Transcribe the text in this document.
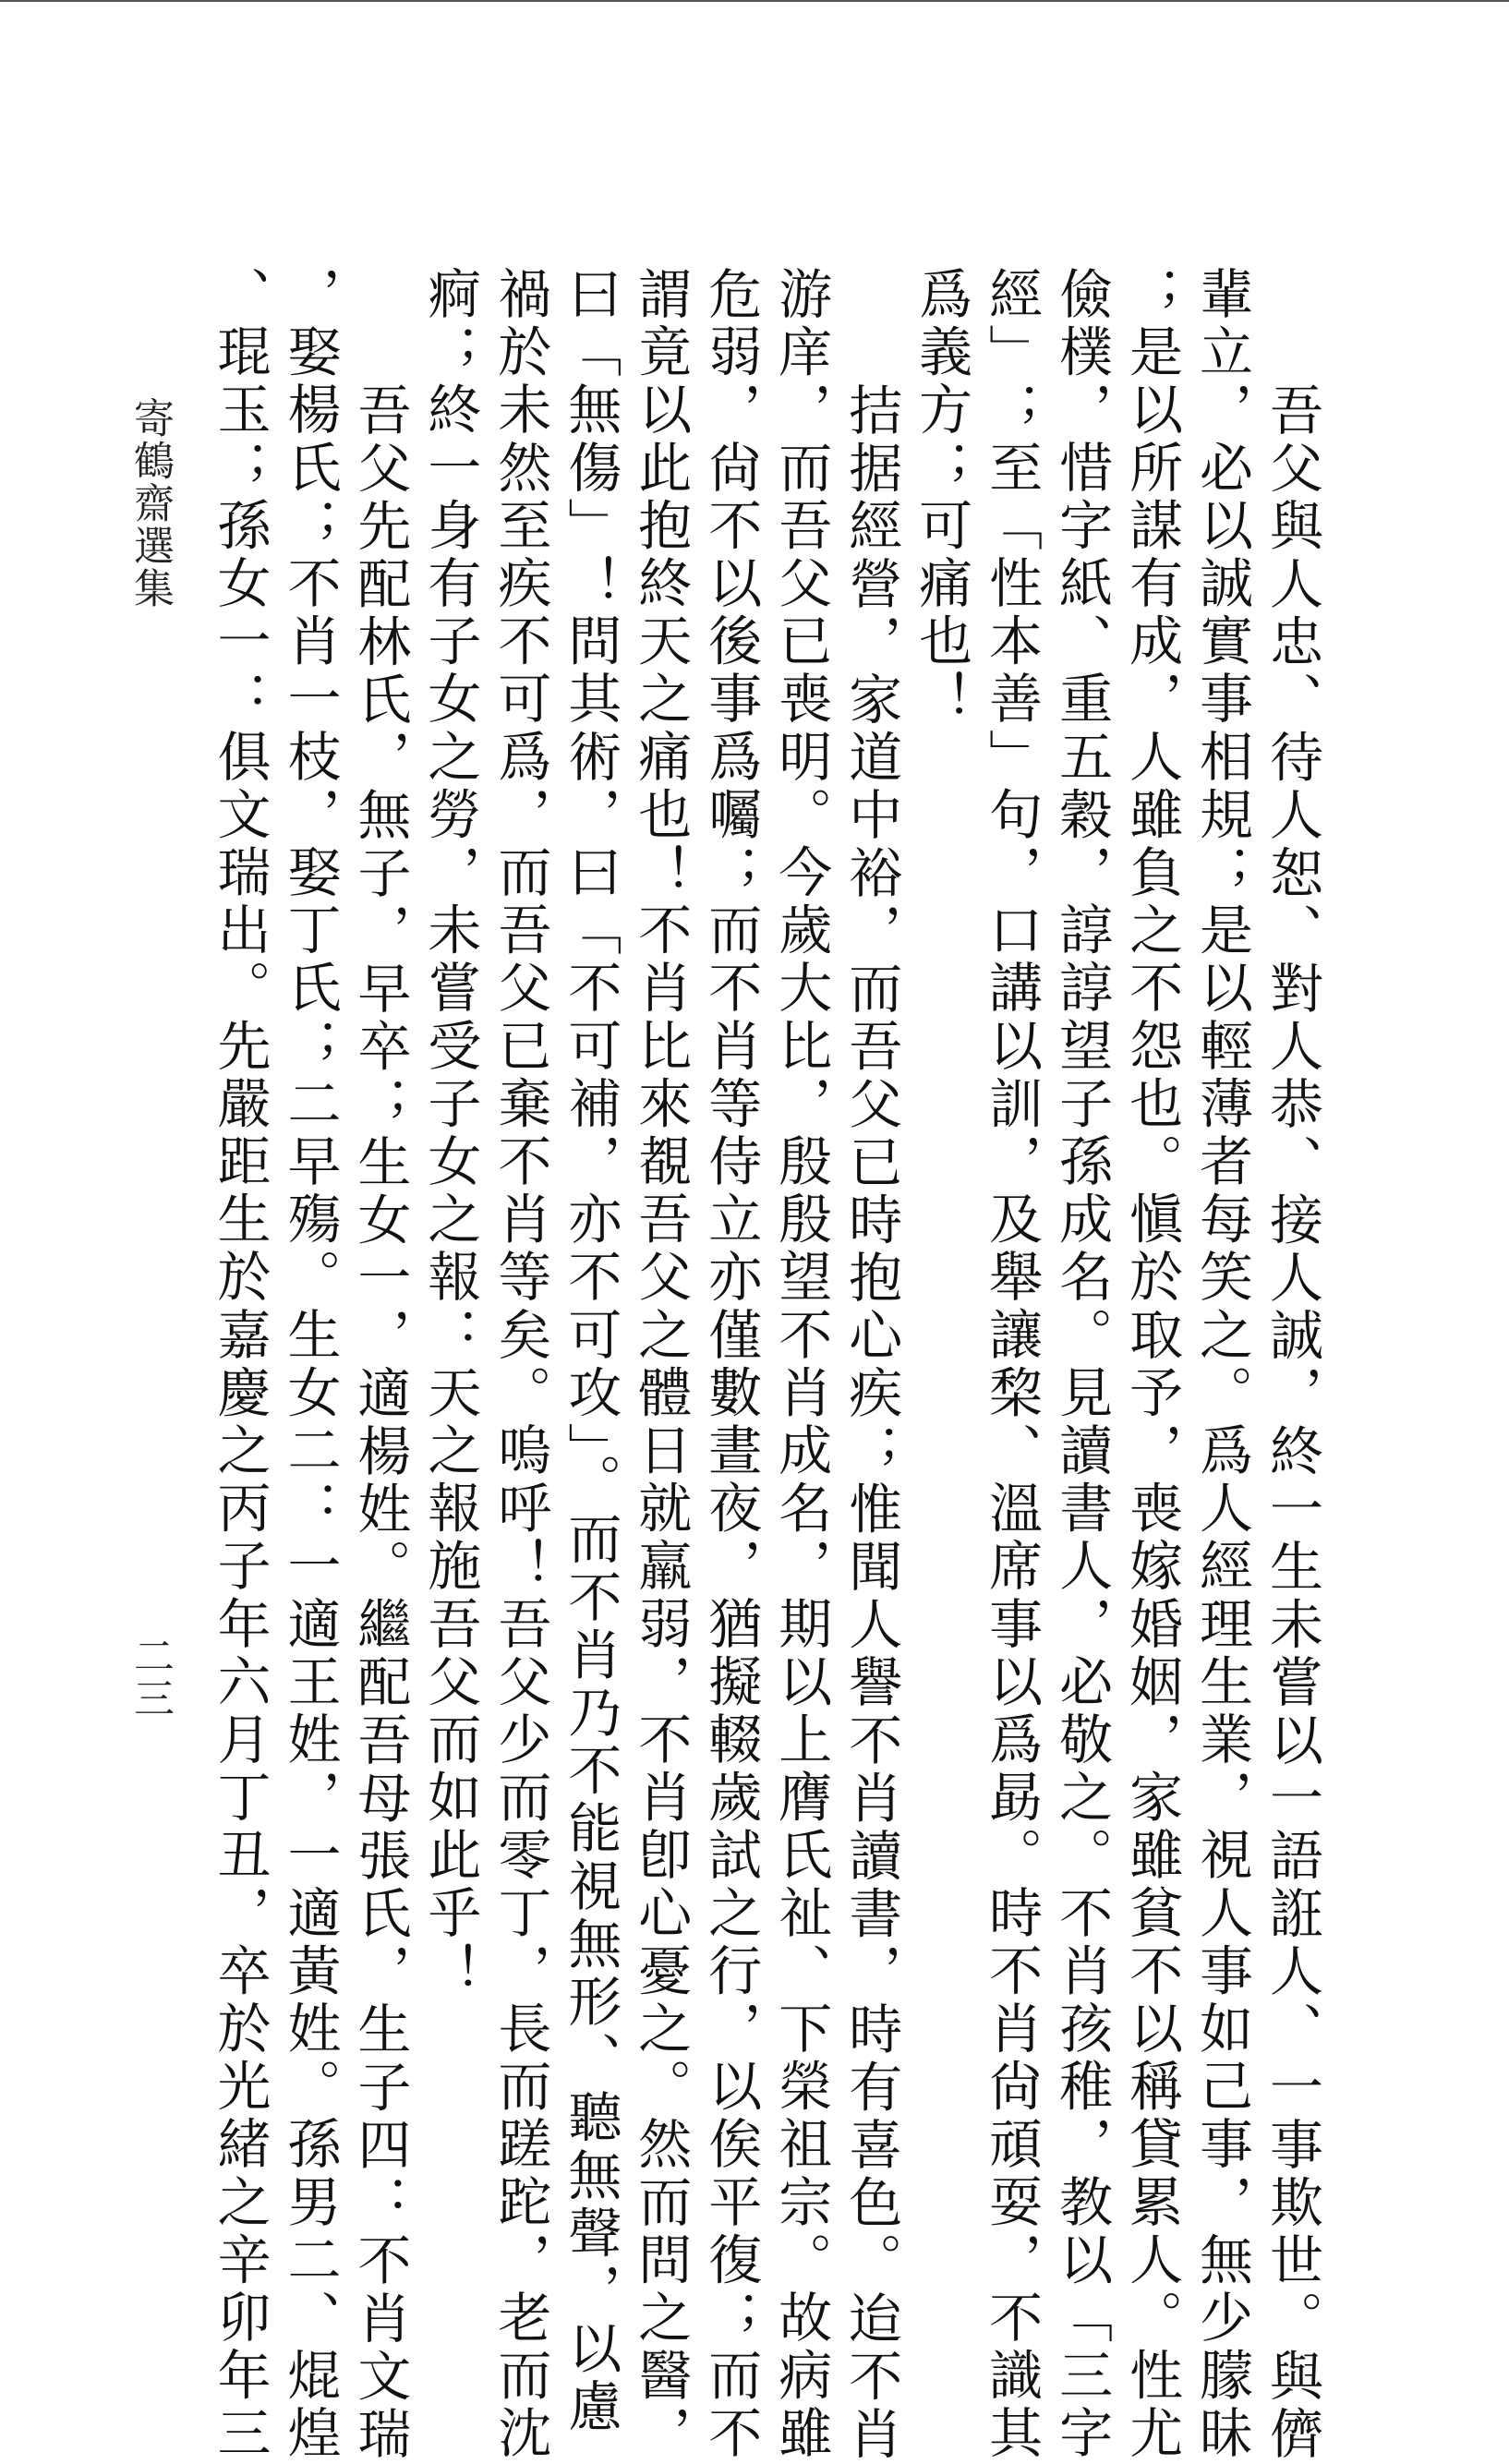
吾父與人忠、待人恕、對人恭、接人誠，終一生未嘗以一語誑人、一事欺世。與儕
輩立，必以誠實事相規；是以輕薄者每笑之。爲人經理生業，視人事如己事，無少朦昧
；是以所謀有成，人雖負之不怨也。愼於取予，喪嫁婚姻，家雖貧不以稱貸累人。性尤
儉樸，惜字紙、重五穀，諄諄望子孫成名。見讀書人，必敬之。不肖孩稚，教以「三字
經」；至「性本善」句，口講以訓，及舉讓棃、溫席事以爲勗。時不肖尙頑耍，不識其
爲義方；可痛也！
拮据經營，家道中裕，而吾父已時抱心疾；惟聞人譽不肖讀書，時有喜色。迨不肖
游庠，而吾父已喪明。今歲大比，殷殷望不肖成名，期以上膺氏祉、下榮祖宗。故病雖
危弱，尙不以後事爲囑；而不肖等侍立亦僅數晝夜，猶擬輟歲試之行，以俟平復；而不
謂竟以此抱終天之痛也！不肖比來覩吾父之體日就羸弱，不肖卽心憂之。然而問之醫，
曰「無傷」！問其術，曰「不可補，亦不可攻」。而不肖乃不能視無形、聽無聲，以慮
禍於未然至疾不可爲，而吾父已棄不肖等矣。嗚呼！吾父少而零丁，長而蹉跎，老而沈
痾；終一身有子女之勞，未嘗受子女之報：天之報施吾父而如此乎！
吾父先配林氏，無子，早卒；生女一，適楊姓。繼配吾母張氏，生子四：不肖文瑞
，娶楊氏；不肖一枝，娶丁氏；二早殤。生女二：一適王姓，一適黃姓。孫男二、焜煌
、琨玉；孫女一：俱文瑞出。先嚴距生於嘉慶之丙子年六月丁丑，卒於光緒之辛卯年三
寄鶴齋選集
二三
